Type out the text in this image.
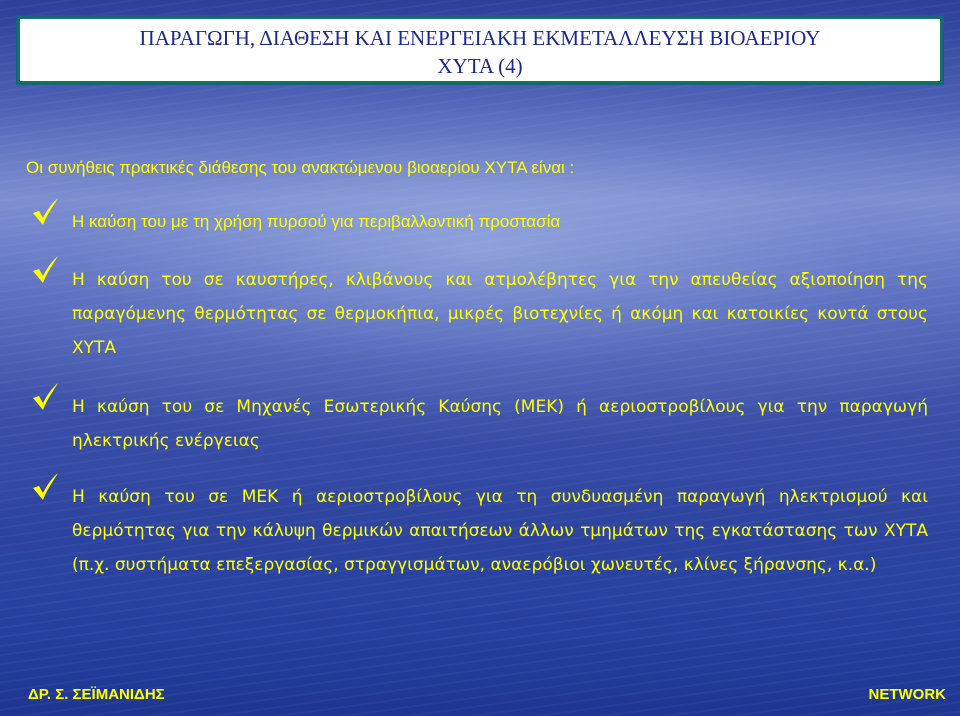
ΠΑΡΑΓΩΓΗ, ΔΙΑΘΕΣΗ ΚΑΙ ΕΝΕΡΓΕΙΑΚΗ ΕΚΜΕΤΑΛΛΕΥΣΗ ΒΙΟΑΕΡΙΟΥ
ΧΥΤΑ (4)
Οι συνήθεις πρακτικές διάθεσης του ανακτώμενου βιοαερίου ΧΥΤΑ είναι :
Η καύση του με τη χρήση πυρσού για περιβαλλοντική προστασία
Η καύση του σε καυστήρες, κλιβάνους και ατμολέβητες για την απευθείας αξιοποίηση της παραγόμενης θερμότητας σε θερμοκήπια, μικρές βιοτεχνίες ή ακόμη και κατοικίες κοντά στους ΧΥΤΑ
Η καύση του σε Μηχανές Εσωτερικής Καύσης (ΜΕΚ) ή αεριοστροβίλους για την παραγωγή ηλεκτρικής ενέργειας
Η καύση του σε ΜΕΚ ή αεριοστροβίλους για τη συνδυασμένη παραγωγή ηλεκτρισμού και θερμότητας για την κάλυψη θερμικών απαιτήσεων άλλων τμημάτων της εγκατάστασης των ΧΥΤΑ (π.χ. συστήματα επεξεργασίας, στραγγισμάτων, αναερόβιοι χωνευτές, κλίνες ξήρανσης, κ.α.)
ΔΡ. Σ. ΣΕΪΜΑΝΙΔΗΣ	NETWORK
